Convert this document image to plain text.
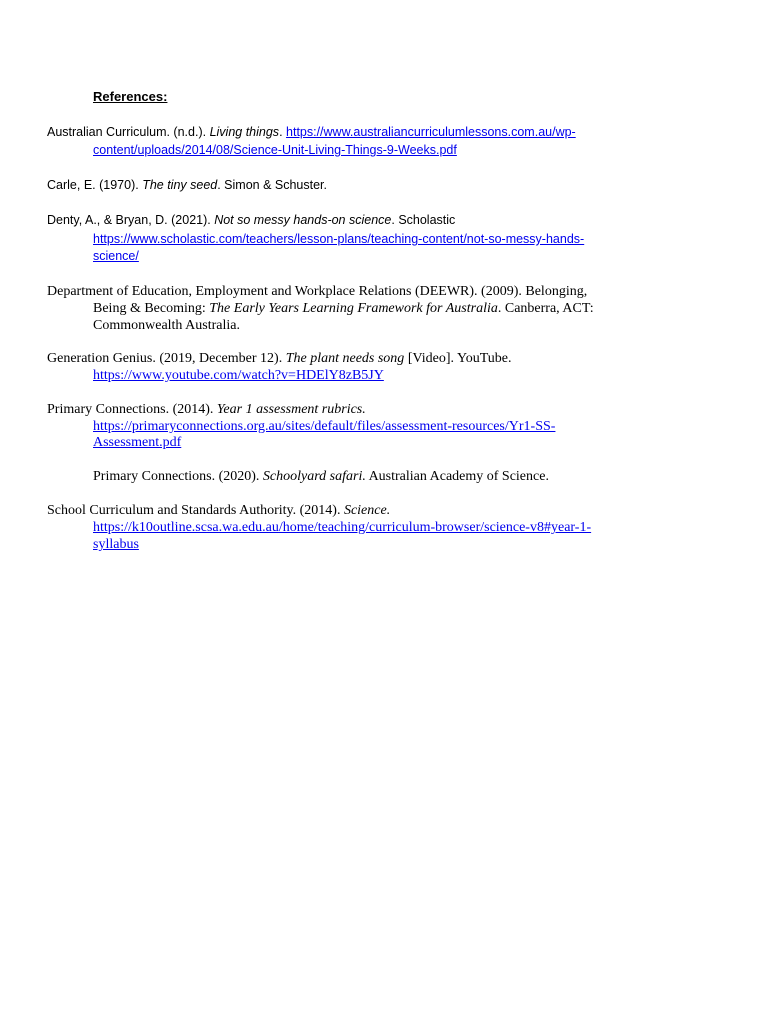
References:
Australian Curriculum. (n.d.). Living things. https://www.australiancurriculumlessons.com.au/wp-
content/uploads/2014/08/Science-Unit-Living-Things-9-Weeks.pdf
Carle, E. (1970). The tiny seed. Simon & Schuster.
Denty, A., & Bryan, D. (2021). Not so messy hands-on science. Scholastic
https://www.scholastic.com/teachers/lesson-plans/teaching-content/not-so-messy-hands-
science/
Department of Education, Employment and Workplace Relations (DEEWR). (2009). Belonging,
Being & Becoming: The Early Years Learning Framework for Australia. Canberra, ACT:
Commonwealth Australia.
Generation Genius. (2019, December 12). The plant needs song [Video]. YouTube.
https://www.youtube.com/watch?v=HDElY8zB5JY
Primary Connections. (2014). Year 1 assessment rubrics.
https://primaryconnections.org.au/sites/default/files/assessment-resources/Yr1-SS-
Assessment.pdf
Primary Connections. (2020). Schoolyard safari. Australian Academy of Science.
School Curriculum and Standards Authority. (2014). Science.
https://k10outline.scsa.wa.edu.au/home/teaching/curriculum-browser/science-v8#year-1-
syllabus
